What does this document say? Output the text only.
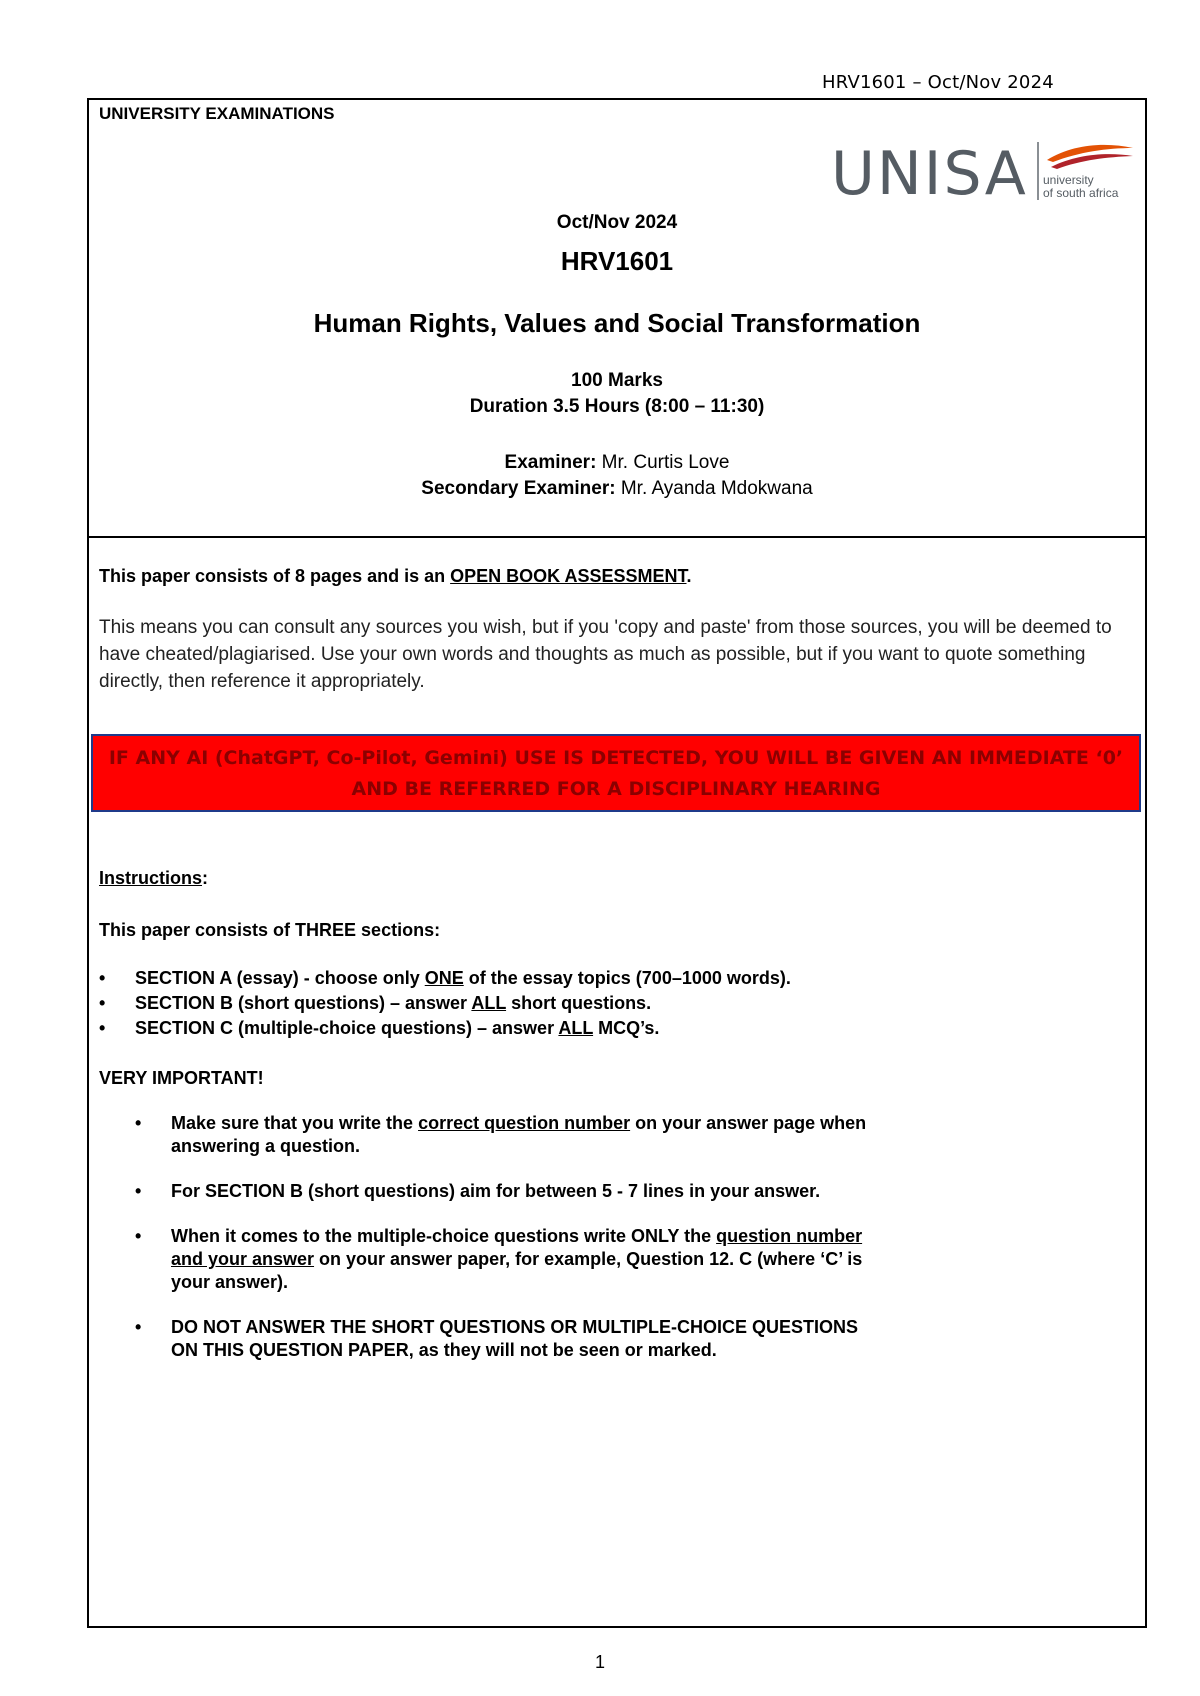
HRV1601 – Oct/Nov 2024
UNIVERSITY EXAMINATIONS
UNISA university
of south africa
Oct/Nov 2024
HRV1601
Human Rights, Values and Social Transformation
100 Marks
Duration 3.5 Hours (8:00 – 11:30)
Examiner: Mr. Curtis Love
Secondary Examiner: Mr. Ayanda Mdokwana
This paper consists of 8 pages and is an OPEN BOOK ASSESSMENT.
This means you can consult any sources you wish, but if you 'copy and paste' from those sources, you will be deemed to have cheated/plagiarised. Use your own words and thoughts as much as possible, but if you want to quote something directly, then reference it appropriately.
IF ANY AI (ChatGPT, Co-Pilot, Gemini) USE IS DETECTED, YOU WILL BE GIVEN AN IMMEDIATE ‘0’
AND BE REFERRED FOR A DISCIPLINARY HEARING
Instructions:
This paper consists of THREE sections:
• SECTION A (essay) - choose only ONE of the essay topics (700–1000 words).
• SECTION B (short questions) – answer ALL short questions.
• SECTION C (multiple-choice questions) – answer ALL MCQ’s.
VERY IMPORTANT!
• Make sure that you write the correct question number on your answer page when answering a question.
• For SECTION B (short questions) aim for between 5 - 7 lines in your answer.
• When it comes to the multiple-choice questions write ONLY the question number and your answer on your answer paper, for example, Question 12. C (where ‘C’ is your answer).
• DO NOT ANSWER THE SHORT QUESTIONS OR MULTIPLE-CHOICE QUESTIONS ON THIS QUESTION PAPER, as they will not be seen or marked.
1
